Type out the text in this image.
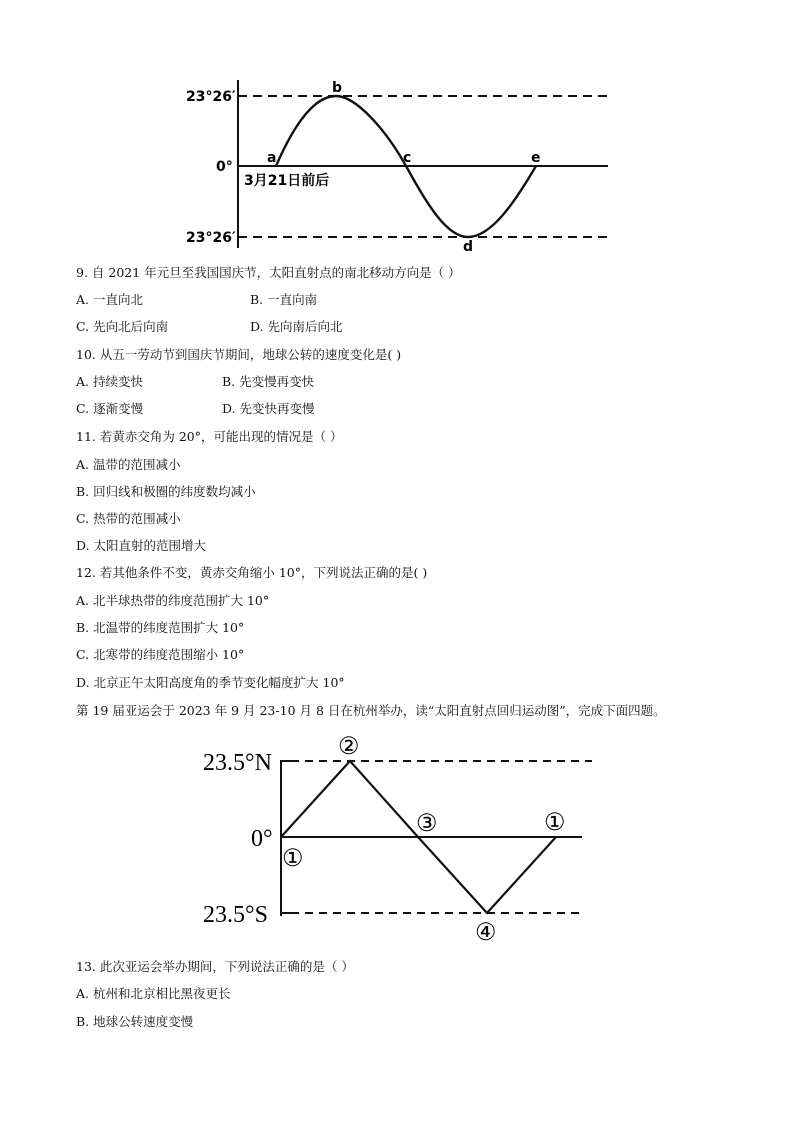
23°26′
0°
23°26′
a
b
c
d
e
3月21日前后
9. 自 2021 年元旦至我国国庆节，太阳直射点的南北移动方向是（ ）
A. 一直向北	B. 一直向南
C. 先向北后向南	D. 先向南后向北
10. 从五一劳动节到国庆节期间，地球公转的速度变化是( )
A. 持续变快	B. 先变慢再变快
C. 逐渐变慢	D. 先变快再变慢
11. 若黄赤交角为 20°，可能出现的情况是（ ）
A. 温带的范围减小
B. 回归线和极圈的纬度数均减小
C. 热带的范围减小
D. 太阳直射的范围增大
12. 若其他条件不变，黄赤交角缩小 10°，下列说法正确的是( )
A. 北半球热带的纬度范围扩大 10°
B. 北温带的纬度范围扩大 10°
C. 北寒带的纬度范围缩小 10°
D. 北京正午太阳高度角的季节变化幅度扩大 10°
第 19 届亚运会于 2023 年 9 月 23-10 月 8 日在杭州举办，读“太阳直射点回归运动图”，完成下面四题。
23.5°N
0°
23.5°S
①
②
③
④
①
13. 此次亚运会举办期间，下列说法正确的是（ ）
A. 杭州和北京相比黑夜更长
B. 地球公转速度变慢
